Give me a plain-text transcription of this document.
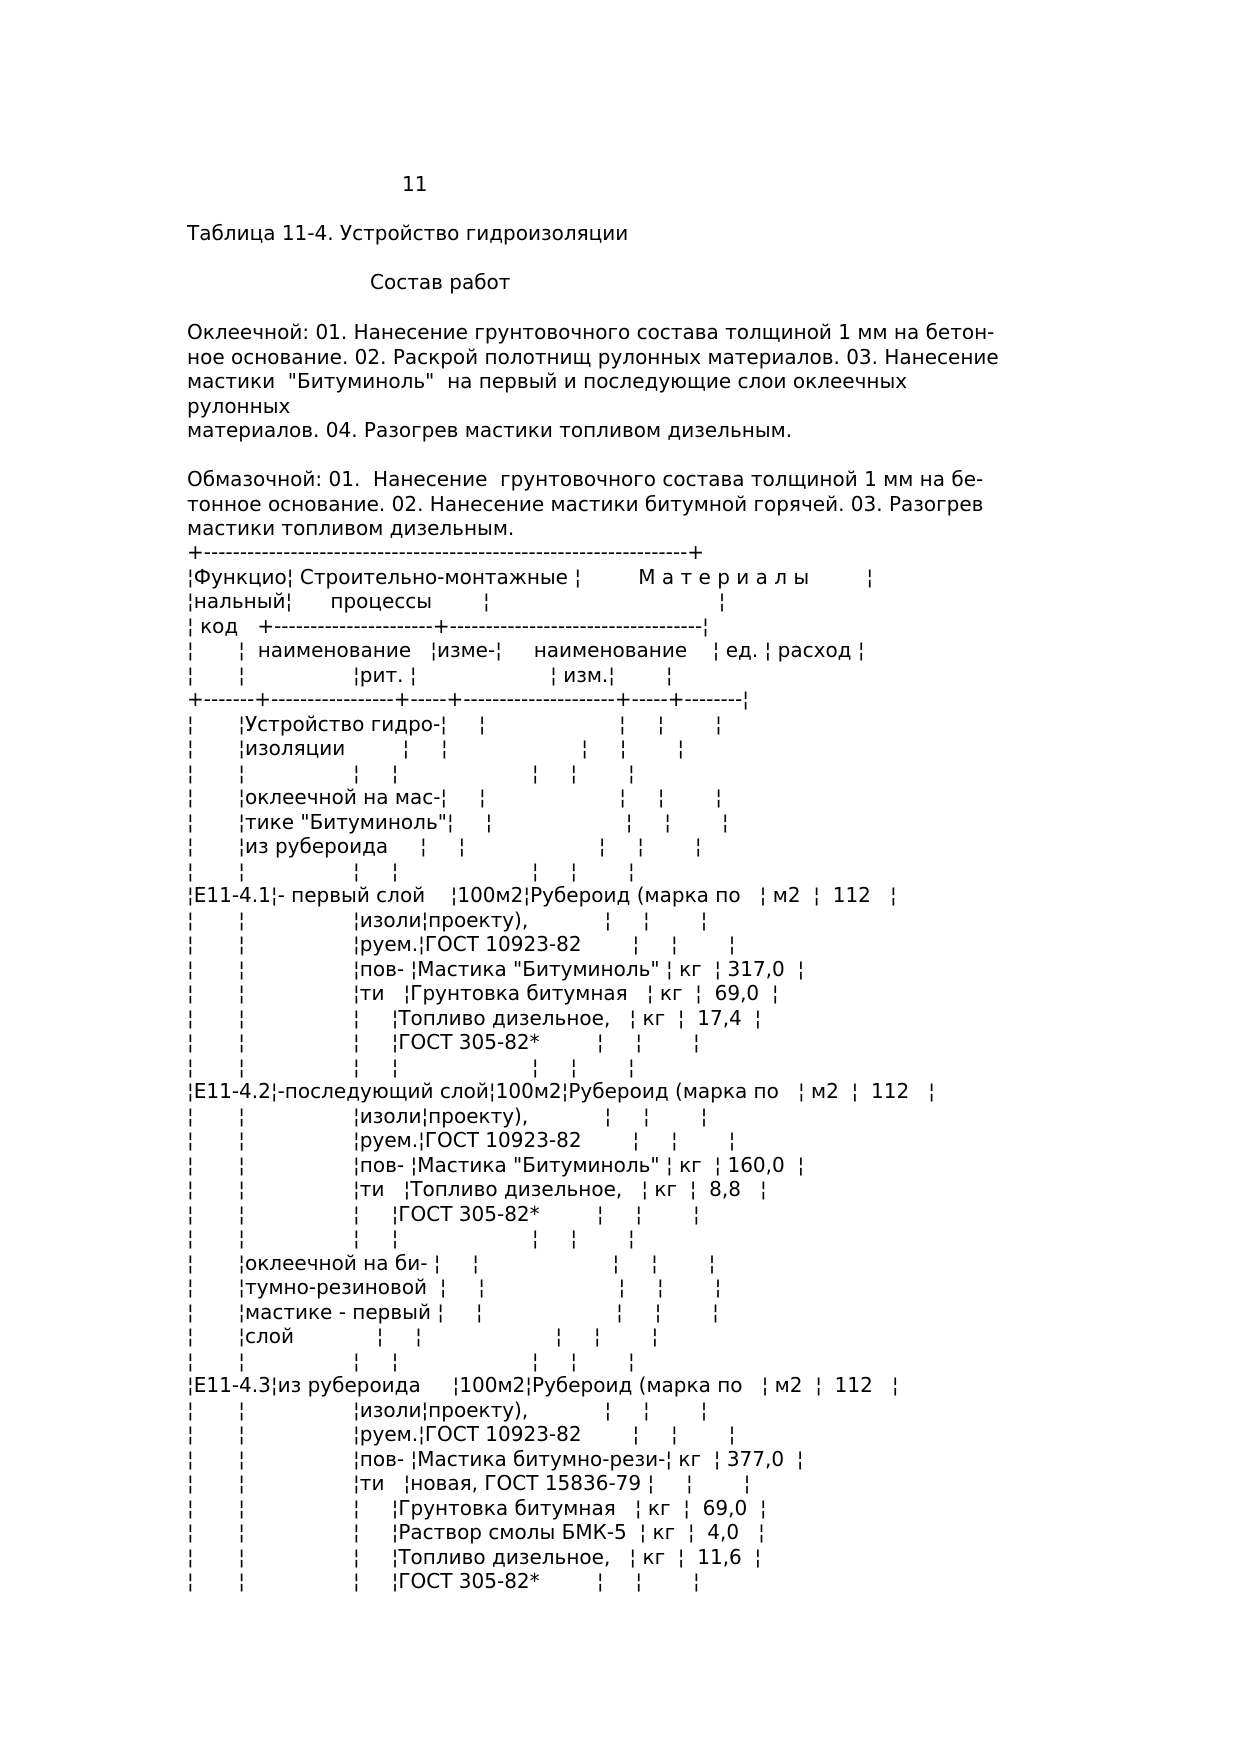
11

Таблица 11-4. Устройство гидроизоляции

Состав работ

Оклеечной: 01. Нанесение грунтовочного состава толщиной 1 мм на бетон-
ное основание. 02. Раскрой полотнищ рулонных материалов. 03. Нанесение
мастики  "Битуминоль"  на первый и последующие слои оклеечных
рулонных
материалов. 04. Разогрев мастики топливом дизельным.

Обмазочной: 01.  Нанесение  грунтовочного состава толщиной 1 мм на бе-
тонное основание. 02. Нанесение мастики битумной горячей. 03. Разогрев
мастики топливом дизельным.

+-------------------------------------------------------------------+
¦Функцио¦ Строительно-монтажные ¦         М а т е р и а л ы         ¦
¦нальный¦      процессы        ¦                                    ¦
¦ код   +----------------------+-----------------------------------¦
¦       ¦  наименование   ¦изме-¦     наименование    ¦ ед. ¦ расход ¦
¦       ¦                 ¦рит. ¦                     ¦ изм.¦        ¦
+-------+-----------------+-----+---------------------+-----+--------¦
¦       ¦Устройство гидро-¦     ¦                     ¦     ¦        ¦
¦       ¦изоляции         ¦     ¦                     ¦     ¦        ¦
¦       ¦                 ¦     ¦                     ¦     ¦        ¦
¦       ¦оклеечной на мас-¦     ¦                     ¦     ¦        ¦
¦       ¦тике "Битуминоль"¦     ¦                     ¦     ¦        ¦
¦       ¦из рубероида     ¦     ¦                     ¦     ¦        ¦
¦       ¦                 ¦     ¦                     ¦     ¦        ¦
¦Е11-4.1¦- первый слой    ¦100м2¦Рубероид (марка по   ¦ м2  ¦  112   ¦
¦       ¦                 ¦изоли¦проекту),            ¦     ¦        ¦
¦       ¦                 ¦руем.¦ГОСТ 10923-82        ¦     ¦        ¦
¦       ¦                 ¦пов- ¦Мастика "Битуминоль" ¦ кг  ¦ 317,0  ¦
¦       ¦                 ¦ти   ¦Грунтовка битумная   ¦ кг  ¦  69,0  ¦
¦       ¦                 ¦     ¦Топливо дизельное,   ¦ кг  ¦  17,4  ¦
¦       ¦                 ¦     ¦ГОСТ 305-82*         ¦     ¦        ¦
¦       ¦                 ¦     ¦                     ¦     ¦        ¦
¦Е11-4.2¦-последующий слой¦100м2¦Рубероид (марка по   ¦ м2  ¦  112   ¦
¦       ¦                 ¦изоли¦проекту),            ¦     ¦        ¦
¦       ¦                 ¦руем.¦ГОСТ 10923-82        ¦     ¦        ¦
¦       ¦                 ¦пов- ¦Мастика "Битуминоль" ¦ кг  ¦ 160,0  ¦
¦       ¦                 ¦ти   ¦Топливо дизельное,   ¦ кг  ¦  8,8   ¦
¦       ¦                 ¦     ¦ГОСТ 305-82*         ¦     ¦        ¦
¦       ¦                 ¦     ¦                     ¦     ¦        ¦
¦       ¦оклеечной на би- ¦     ¦                     ¦     ¦        ¦
¦       ¦тумно-резиновой  ¦     ¦                     ¦     ¦        ¦
¦       ¦мастике - первый ¦     ¦                     ¦     ¦        ¦
¦       ¦слой             ¦     ¦                     ¦     ¦        ¦
¦       ¦                 ¦     ¦                     ¦     ¦        ¦
¦Е11-4.3¦из рубероида     ¦100м2¦Рубероид (марка по   ¦ м2  ¦  112   ¦
¦       ¦                 ¦изоли¦проекту),            ¦     ¦        ¦
¦       ¦                 ¦руем.¦ГОСТ 10923-82        ¦     ¦        ¦
¦       ¦                 ¦пов- ¦Мастика битумно-рези-¦ кг  ¦ 377,0  ¦
¦       ¦                 ¦ти   ¦новая, ГОСТ 15836-79 ¦     ¦        ¦
¦       ¦                 ¦     ¦Грунтовка битумная   ¦ кг  ¦  69,0  ¦
¦       ¦                 ¦     ¦Раствор смолы БМК-5  ¦ кг  ¦  4,0   ¦
¦       ¦                 ¦     ¦Топливо дизельное,   ¦ кг  ¦  11,6  ¦
¦       ¦                 ¦     ¦ГОСТ 305-82*         ¦     ¦        ¦
